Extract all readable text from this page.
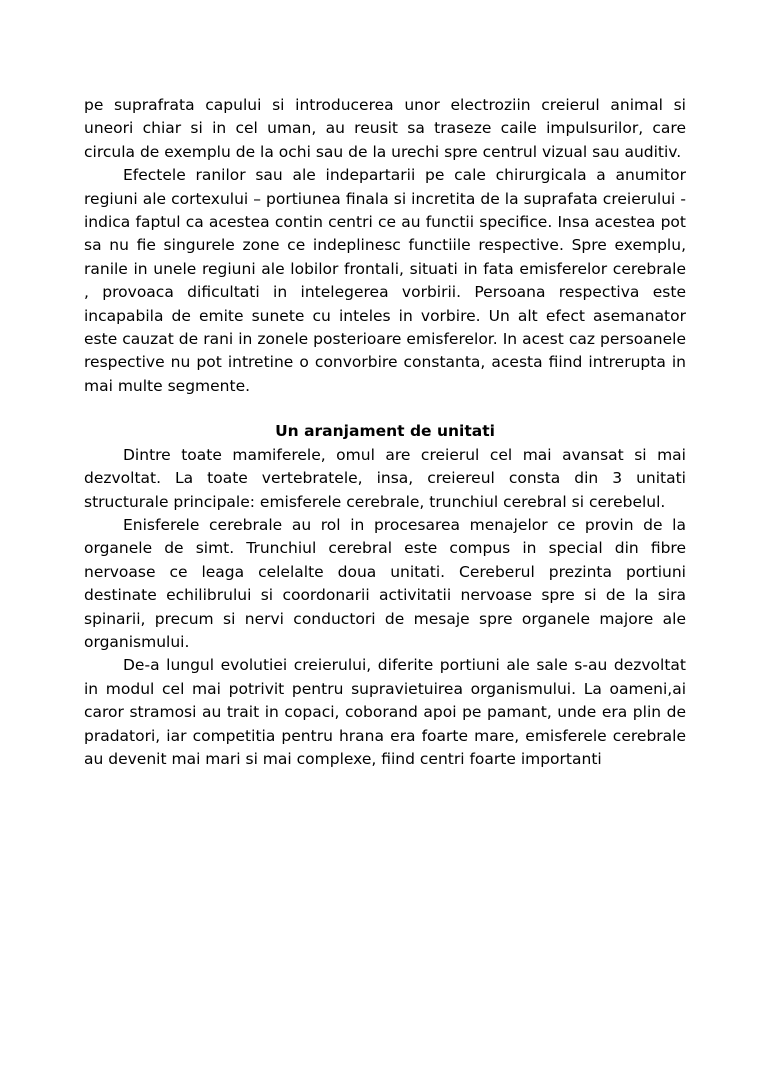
pe suprafrata capului si introducerea unor electroziin creierul animal si uneori chiar si in cel uman, au reusit sa traseze caile impulsurilor, care circula de exemplu de la ochi sau de la urechi spre centrul vizual sau auditiv.

Efectele ranilor sau ale indepartarii pe cale chirurgicala a anumitor regiuni ale cortexului – portiunea finala si incretita de la suprafata creierului - indica faptul ca acestea contin centri ce au functii specifice. Insa acestea pot sa nu fie singurele zone ce indeplinesc functiile respective. Spre exemplu, ranile in unele regiuni ale lobilor frontali, situati in fata emisferelor cerebrale , provoaca dificultati in intelegerea vorbirii. Persoana respectiva este incapabila de emite sunete cu inteles in vorbire. Un alt efect asemanator este cauzat de rani in zonele posterioare emisferelor. In acest caz persoanele respective nu pot intretine o convorbire constanta, acesta fiind intrerupta in mai multe segmente.

Un aranjament de unitati

Dintre toate mamiferele, omul are creierul cel mai avansat si mai dezvoltat. La toate vertebratele, insa, creiereul consta din 3 unitati structurale principale: emisferele cerebrale, trunchiul cerebral si cerebelul.

Enisferele cerebrale au rol in procesarea menajelor ce provin de la organele de simt. Trunchiul cerebral este compus in special din fibre nervoase ce leaga celelalte doua unitati. Cereberul prezinta portiuni destinate echilibrului si coordonarii activitatii nervoase spre si de la sira spinarii, precum si nervi conductori de mesaje spre organele majore ale organismului.

De-a lungul evolutiei creierului, diferite portiuni ale sale s-au dezvoltat in modul cel mai potrivit pentru supravietuirea organismului. La oameni,ai caror stramosi au trait in copaci, coborand apoi pe pamant, unde era plin de pradatori, iar competitia pentru hrana era foarte mare, emisferele cerebrale au devenit mai mari si mai complexe, fiind centri foarte importanti
